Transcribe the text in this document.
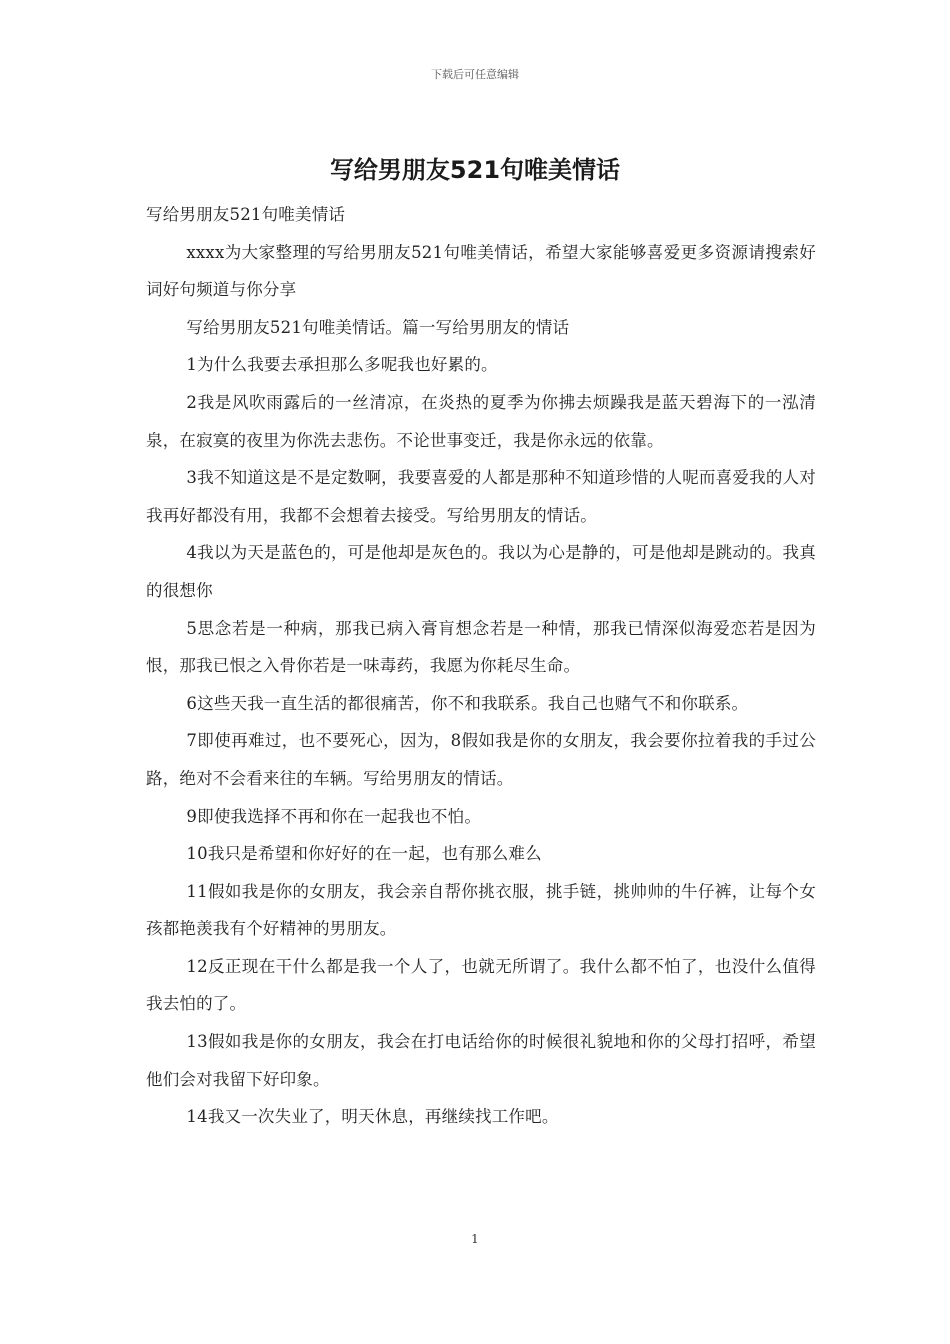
下载后可任意编辑
写给男朋友521句唯美情话

写给男朋友521句唯美情话

xxxx为大家整理的写给男朋友521句唯美情话，希望大家能够喜爱更多资源请搜索好词好句频道与你分享

写给男朋友521句唯美情话。篇一写给男朋友的情话

1为什么我要去承担那么多呢我也好累的。

2我是风吹雨露后的一丝清凉，在炎热的夏季为你拂去烦躁我是蓝天碧海下的一泓清泉，在寂寞的夜里为你洗去悲伤。不论世事变迁，我是你永远的依靠。

3我不知道这是不是定数啊，我要喜爱的人都是那种不知道珍惜的人呢而喜爱我的人对我再好都没有用，我都不会想着去接受。写给男朋友的情话。

4我以为天是蓝色的，可是他却是灰色的。我以为心是静的，可是他却是跳动的。我真的很想你

5思念若是一种病，那我已病入膏肓想念若是一种情，那我已情深似海爱恋若是因为恨，那我已恨之入骨你若是一味毒药，我愿为你耗尽生命。

6这些天我一直生活的都很痛苦，你不和我联系。我自己也赌气不和你联系。

7即使再难过，也不要死心，因为，8假如我是你的女朋友，我会要你拉着我的手过公路，绝对不会看来往的车辆。写给男朋友的情话。

9即使我选择不再和你在一起我也不怕。

10我只是希望和你好好的在一起，也有那么难么

11假如我是你的女朋友，我会亲自帮你挑衣服，挑手链，挑帅帅的牛仔裤，让每个女孩都艳羡我有个好精神的男朋友。

12反正现在干什么都是我一个人了，也就无所谓了。我什么都不怕了，也没什么值得我去怕的了。

13假如我是你的女朋友，我会在打电话给你的时候很礼貌地和你的父母打招呼，希望他们会对我留下好印象。

14我又一次失业了，明天休息，再继续找工作吧。

1
